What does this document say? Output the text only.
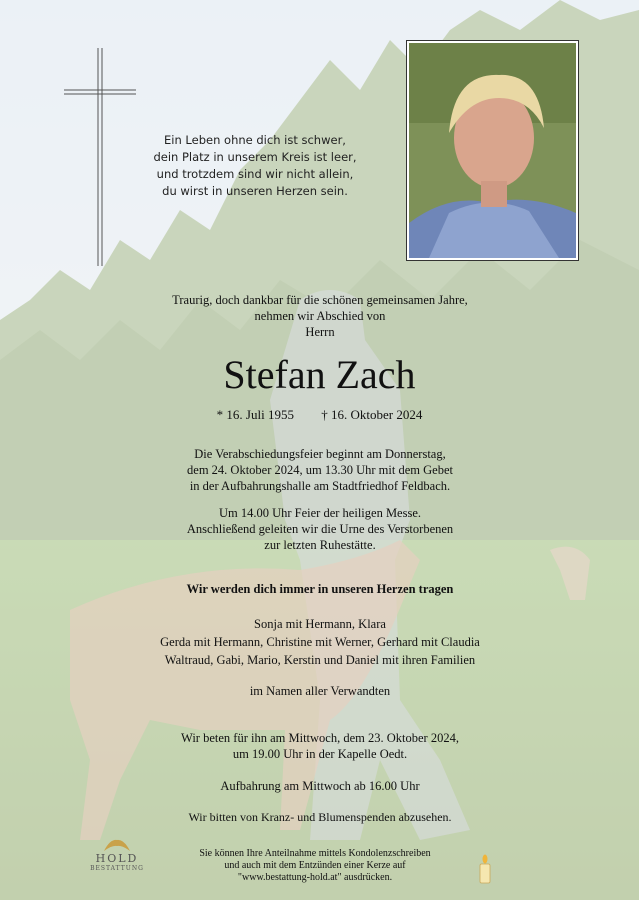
Ein Leben ohne dich ist schwer,
dein Platz in unserem Kreis ist leer,
und trotzdem sind wir nicht allein,
du wirst in unseren Herzen sein.
Traurig, doch dankbar für die schönen gemeinsamen Jahre,
nehmen wir Abschied von
Herrn
Stefan Zach
* 16. Juli 1955 † 16. Oktober 2024
Die Verabschiedungsfeier beginnt am Donnerstag,
dem 24. Oktober 2024, um 13.30 Uhr mit dem Gebet
in der Aufbahrungshalle am Stadtfriedhof Feldbach.
Um 14.00 Uhr Feier der heiligen Messe.
Anschließend geleiten wir die Urne des Verstorbenen
zur letzten Ruhestätte.
Wir werden dich immer in unseren Herzen tragen
Sonja mit Hermann, Klara
Gerda mit Hermann, Christine mit Werner, Gerhard mit Claudia
Waltraud, Gabi, Mario, Kerstin und Daniel mit ihren Familien
im Namen aller Verwandten
Wir beten für ihn am Mittwoch, dem 23. Oktober 2024,
um 19.00 Uhr in der Kapelle Oedt.
Aufbahrung am Mittwoch ab 16.00 Uhr
Wir bitten von Kranz- und Blumenspenden abzusehen.
HOLD
BESTATTUNG
Sie können Ihre Anteilnahme mittels Kondolenzschreiben
und auch mit dem Entzünden einer Kerze auf
"www.bestattung-hold.at" ausdrücken.
